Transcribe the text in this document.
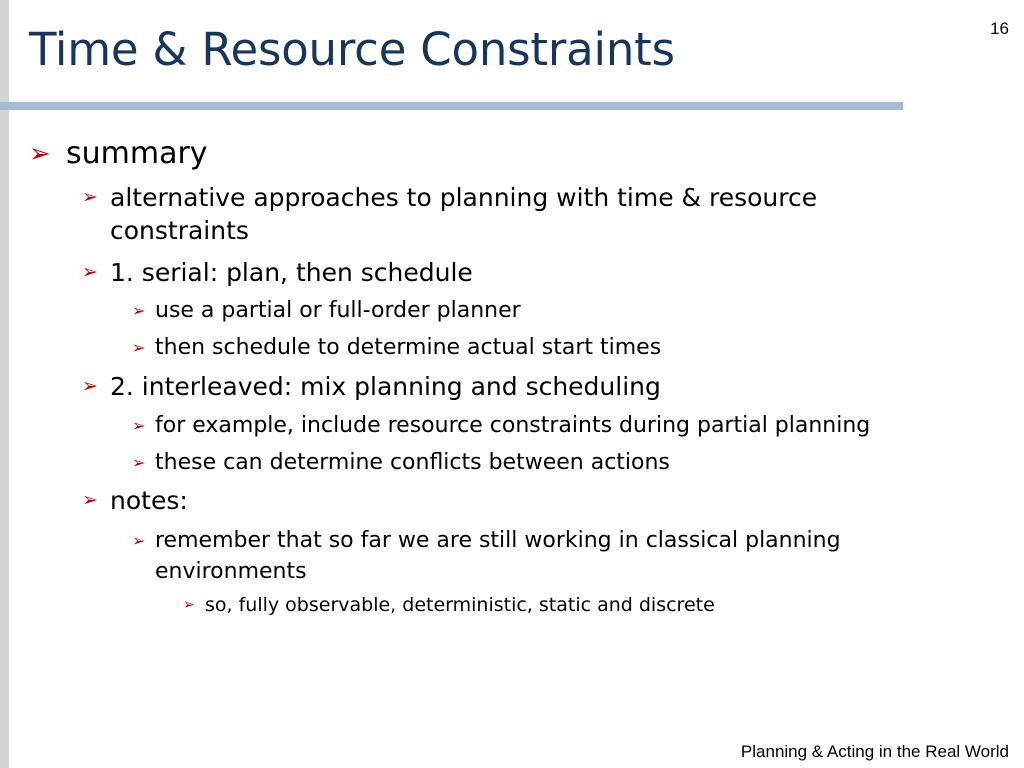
Time & Resource Constraints	16
➢ summary
➢ alternative approaches to planning with time & resource
constraints
➢ 1. serial: plan, then schedule
➢ use a partial or full-order planner
➢ then schedule to determine actual start times
➢ 2. interleaved: mix planning and scheduling
➢ for example, include resource constraints during partial planning
➢ these can determine conflicts between actions
➢ notes:
➢ remember that so far we are still working in classical planning
environments
➢ so, fully observable, deterministic, static and discrete
Planning & Acting in the Real World
